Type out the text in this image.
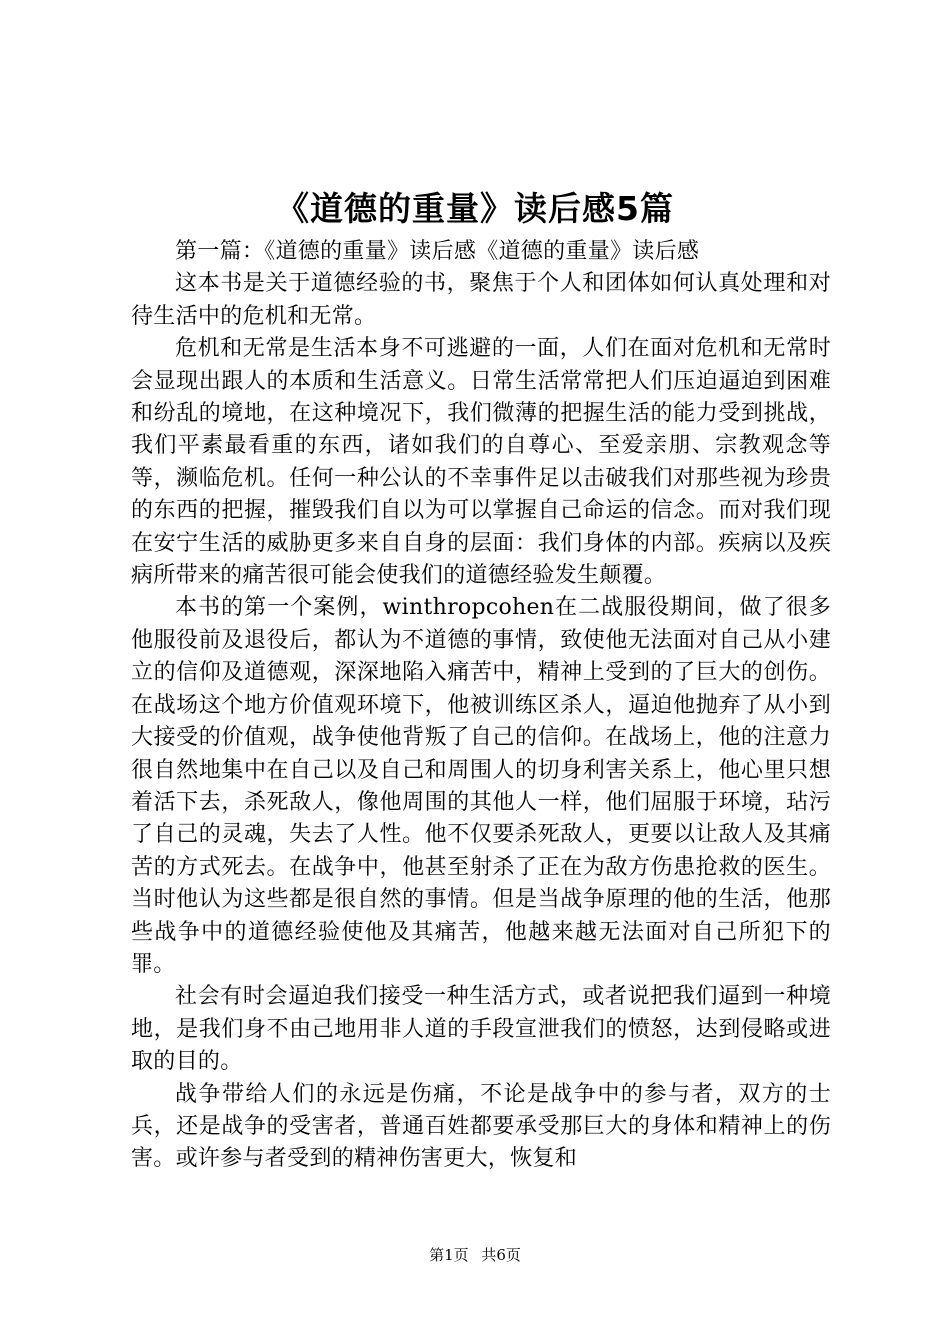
《道德的重量》读后感5篇

第一篇：《道德的重量》读后感《道德的重量》读后感

这本书是关于道德经验的书，聚焦于个人和团体如何认真处理和对待生活中的危机和无常。

危机和无常是生活本身不可逃避的一面，人们在面对危机和无常时会显现出跟人的本质和生活意义。日常生活常常把人们压迫逼迫到困难和纷乱的境地，在这种境况下，我们微薄的把握生活的能力受到挑战，我们平素最看重的东西，诸如我们的自尊心、至爱亲朋、宗教观念等等，濒临危机。任何一种公认的不幸事件足以击破我们对那些视为珍贵的东西的把握，摧毁我们自以为可以掌握自己命运的信念。而对我们现在安宁生活的威胁更多来自自身的层面：我们身体的内部。疾病以及疾病所带来的痛苦很可能会使我们的道德经验发生颠覆。

本书的第一个案例，winthropcohen在二战服役期间，做了很多他服役前及退役后，都认为不道德的事情，致使他无法面对自己从小建立的信仰及道德观，深深地陷入痛苦中，精神上受到的了巨大的创伤。在战场这个地方价值观环境下，他被训练区杀人，逼迫他抛弃了从小到大接受的价值观，战争使他背叛了自己的信仰。在战场上，他的注意力很自然地集中在自己以及自己和周围人的切身利害关系上，他心里只想着活下去，杀死敌人，像他周围的其他人一样，他们屈服于环境，玷污了自己的灵魂，失去了人性。他不仅要杀死敌人，更要以让敌人及其痛苦的方式死去。在战争中，他甚至射杀了正在为敌方伤患抢救的医生。当时他认为这些都是很自然的事情。但是当战争原理的他的生活，他那些战争中的道德经验使他及其痛苦，他越来越无法面对自己所犯下的罪。

社会有时会逼迫我们接受一种生活方式，或者说把我们逼到一种境地，是我们身不由己地用非人道的手段宣泄我们的愤怒，达到侵略或进取的目的。

战争带给人们的永远是伤痛，不论是战争中的参与者，双方的士兵，还是战争的受害者，普通百姓都要承受那巨大的身体和精神上的伤害。或许参与者受到的精神伤害更大，恢复和

第1页 共6页
